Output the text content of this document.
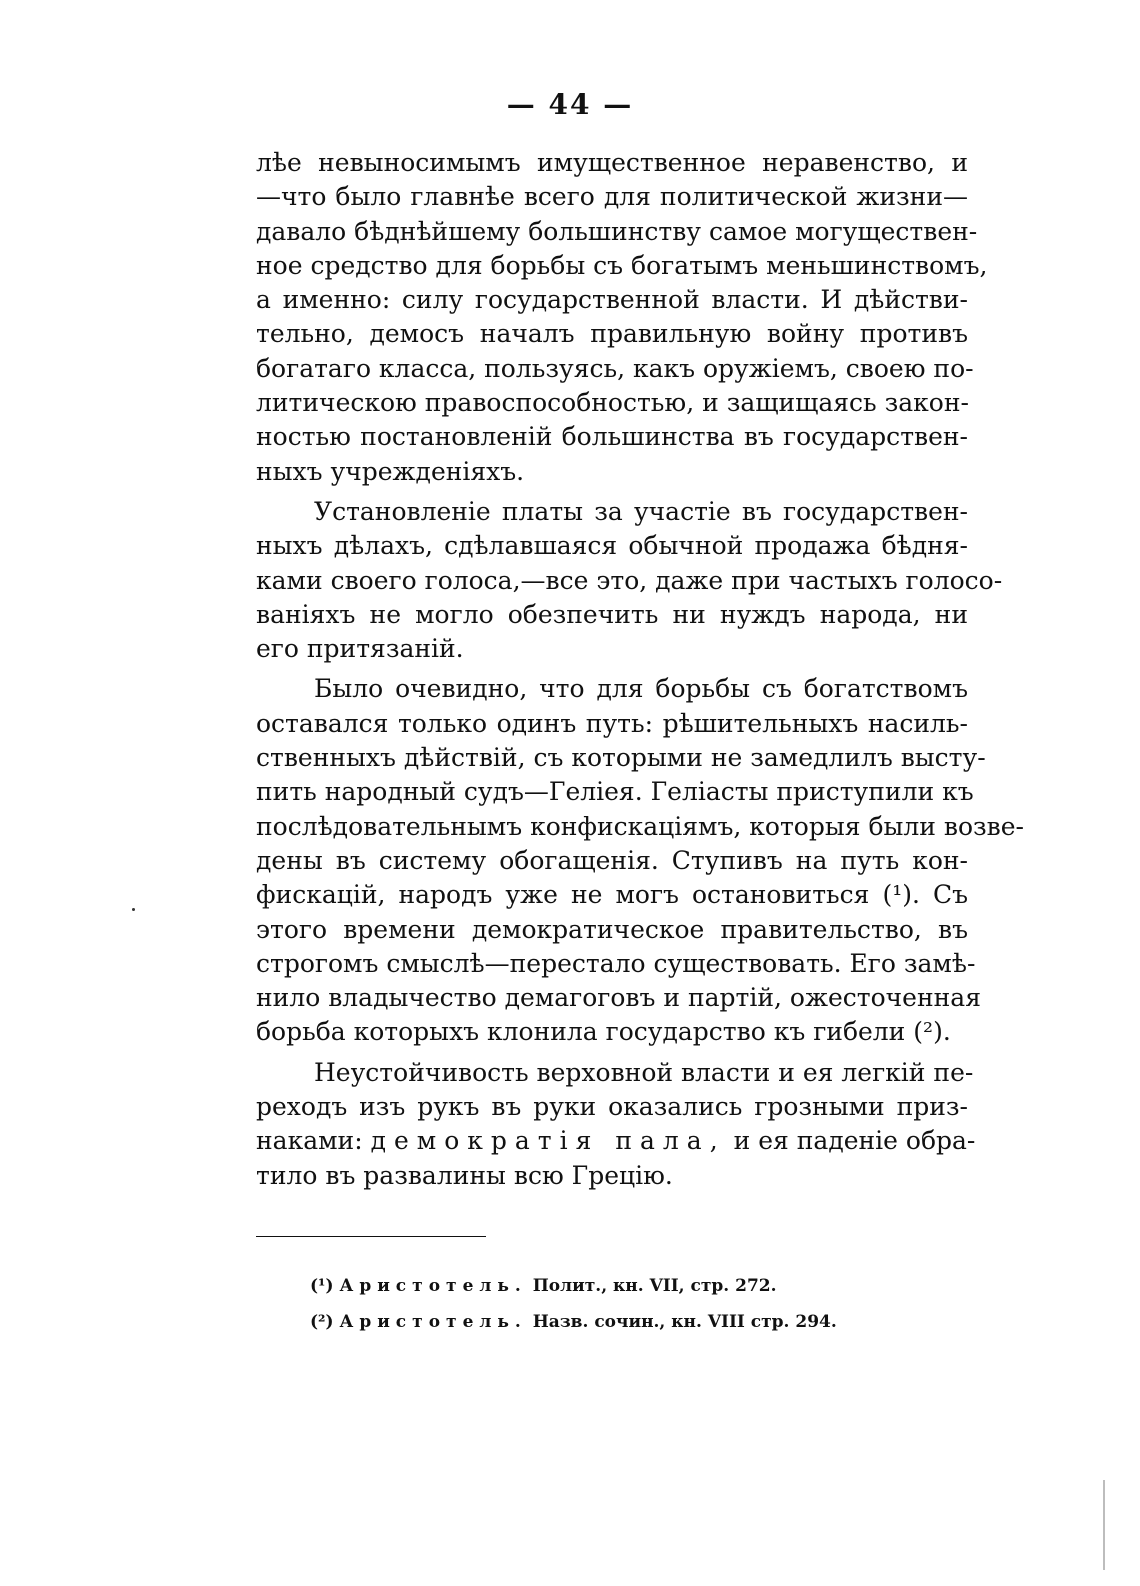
— 44 —
лѣе невыносимымъ имущественное неравенство, и
—что было главнѣе всего для политической жизни—
давало бѣднѣйшему большинству самое могуществен-
ное средство для борьбы съ богатымъ меньшинствомъ,
а именно: силу государственной власти. И дѣйстви-
тельно, демосъ началъ правильную войну противъ
богатаго класса, пользуясь, какъ оружіемъ, своею по-
литическою правоспособностью, и защищаясь закон-
ностью постановленій большинства въ государствен-
ныхъ учрежденіяхъ.
Установленіе платы за участіе въ государствен-
ныхъ дѣлахъ, сдѣлавшаяся обычной продажа бѣдня-
ками своего голоса,—все это, даже при частыхъ голосо-
ваніяхъ не могло обезпечить ни нуждъ народа, ни
его притязаній.
Было очевидно, что для борьбы съ богатствомъ
оставался только одинъ путь: рѣшительныхъ насиль-
ственныхъ дѣйствій, съ которыми не замедлилъ высту-
пить народный судъ—Геліея. Геліасты приступили къ
послѣдовательнымъ конфискаціямъ, которыя были возве-
дены въ систему обогащенія. Ступивъ на путь кон-
фискацій, народъ уже не могъ остановиться (¹). Съ
этого времени демократическое правительство, въ
строгомъ смыслѣ—перестало существовать. Его замѣ-
нило владычество демагоговъ и партій, ожесточенная
борьба которыхъ клонила государство къ гибели (²).
Неустойчивость верховной власти и ея легкій пе-
реходъ изъ рукъ въ руки оказались грозными приз-
наками: демократія пала, и ея паденіе обра-
тило въ развалины всю Грецію.
(¹) Аристотель. Полит., кн. VII, стр. 272.
(²) Аристотель. Назв. сочин., кн. VIII стр. 294.
